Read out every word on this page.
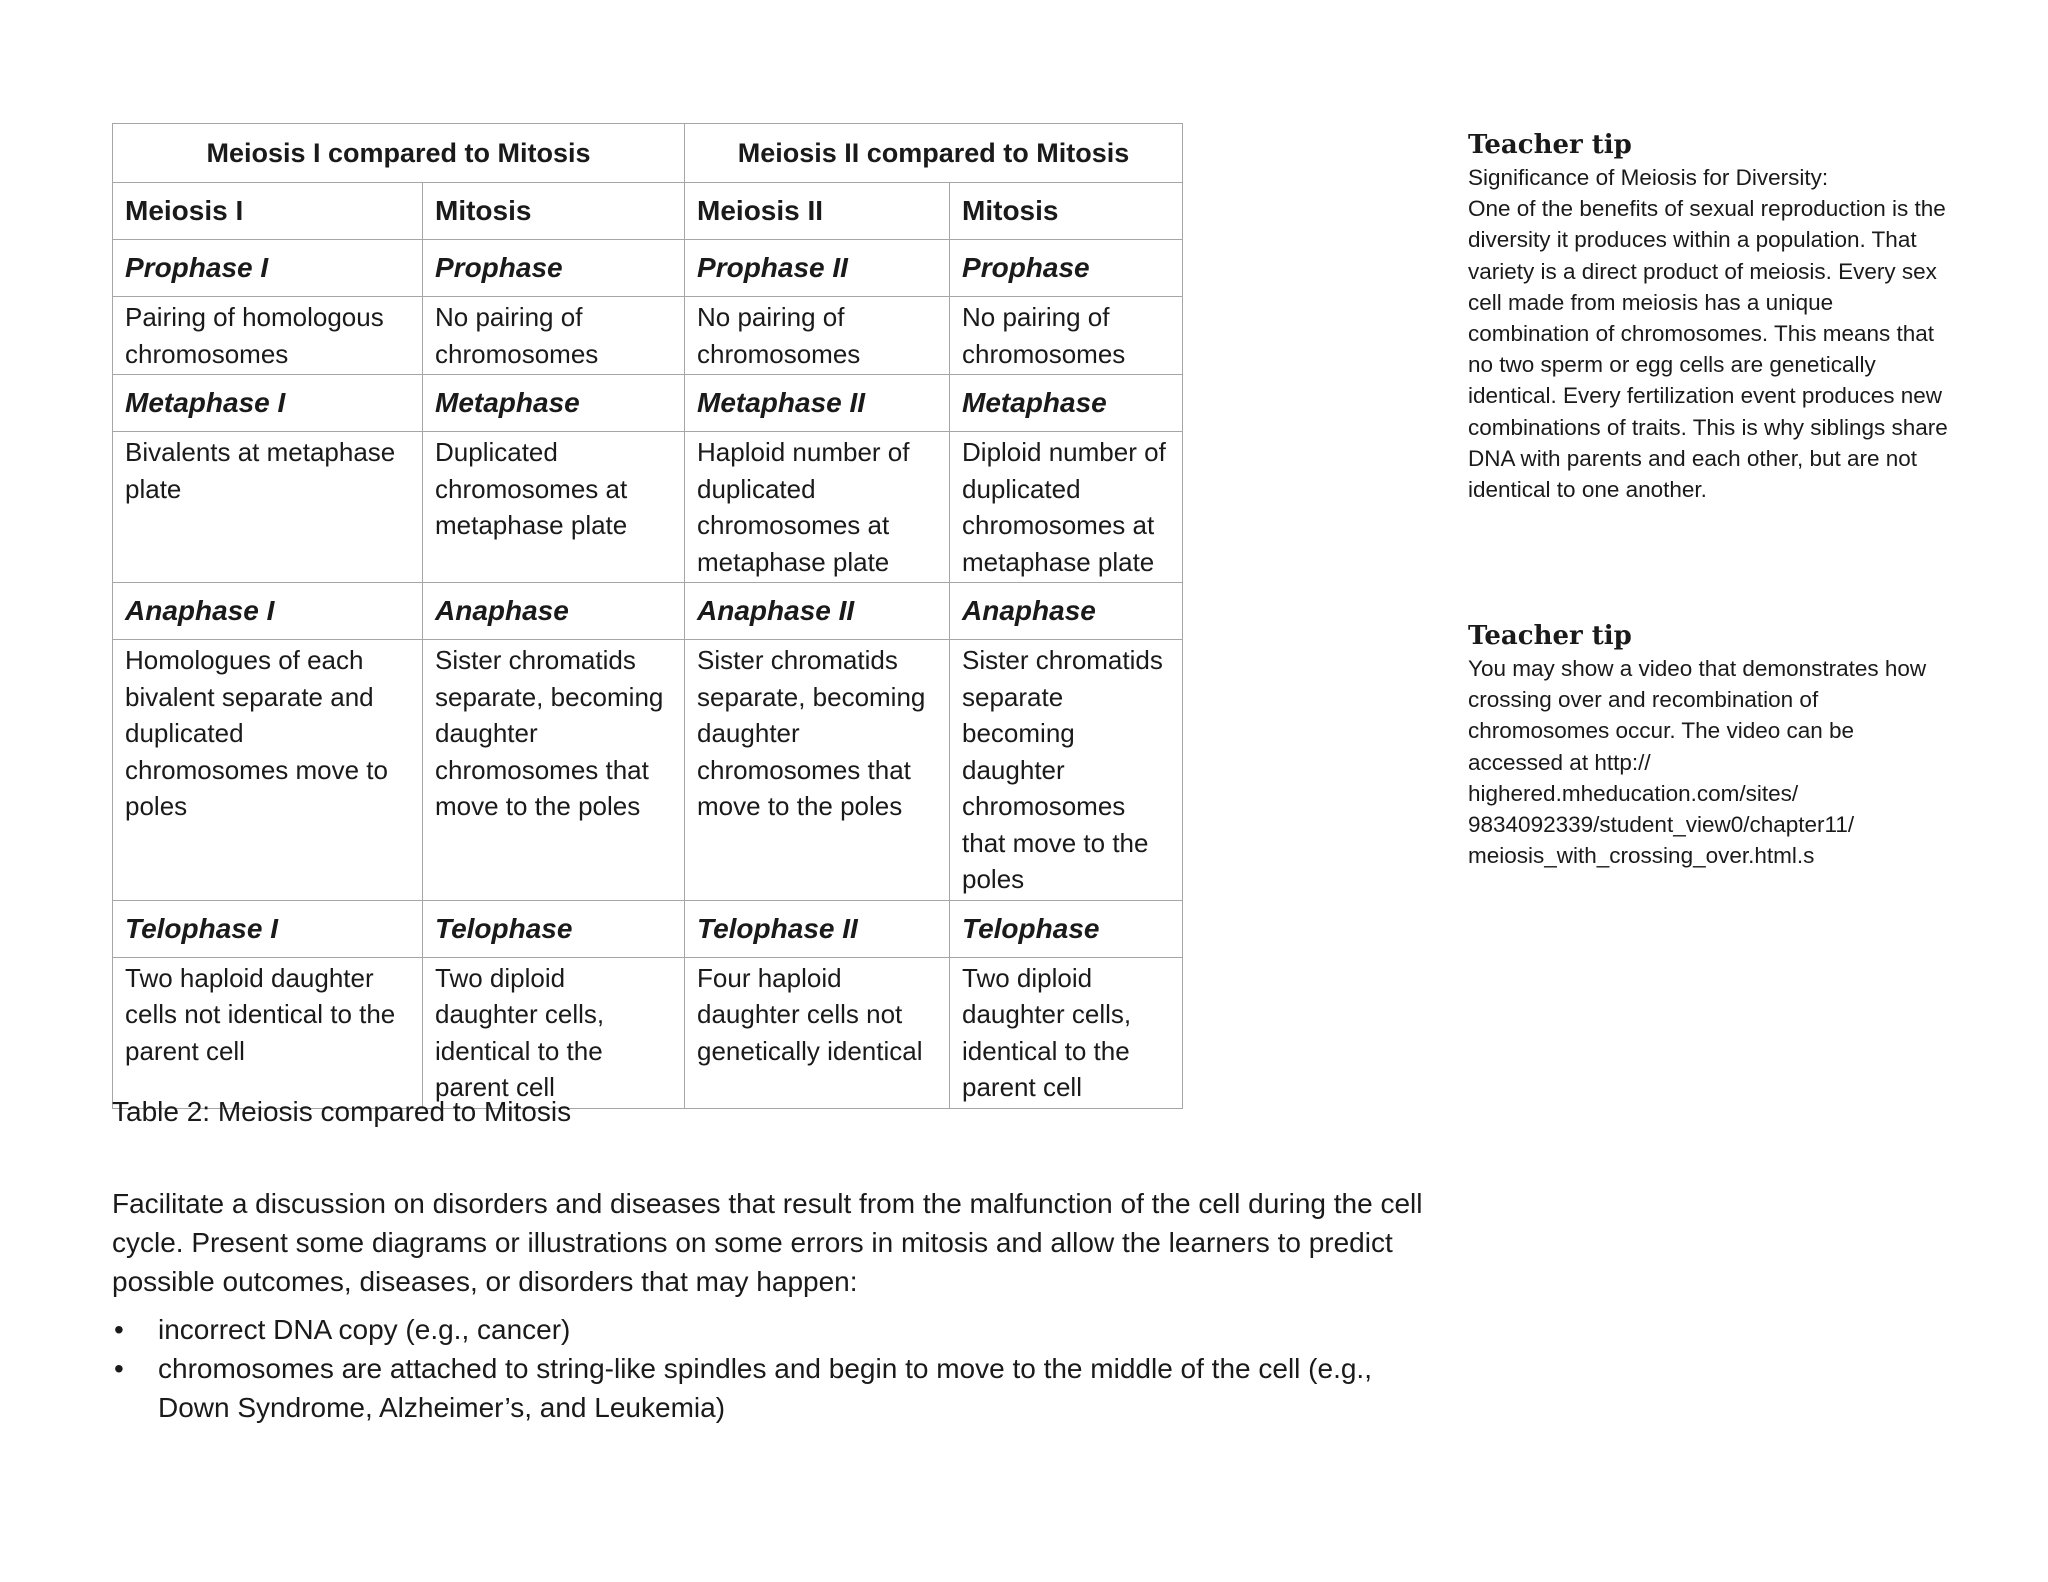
Meiosis I compared to Mitosis		Meiosis II compared to Mitosis	
Meiosis I	Mitosis	Meiosis II	Mitosis
Prophase I	Prophase	Prophase II	Prophase
Pairing of homologous chromosomes	No pairing of chromosomes	No pairing of chromosomes	No pairing of chromosomes
Metaphase I	Metaphase	Metaphase II	Metaphase
Bivalents at metaphase plate	Duplicated chromosomes at metaphase plate	Haploid number of duplicated chromosomes at metaphase plate	Diploid number of duplicated chromosomes at metaphase plate
Anaphase I	Anaphase	Anaphase II	Anaphase
Homologues of each bivalent separate and duplicated chromosomes move to poles	Sister chromatids separate, becoming daughter chromosomes that move to the poles	Sister chromatids separate, becoming daughter chromosomes that move to the poles	Sister chromatids separate becoming daughter chromosomes that move to the poles
Telophase I	Telophase	Telophase II	Telophase
Two haploid daughter cells not identical to the parent cell	Two diploid daughter cells, identical to the parent cell	Four haploid daughter cells not genetically identical	Two diploid daughter cells, identical to the parent cell
Table 2: Meiosis compared to Mitosis

Facilitate a discussion on disorders and diseases that result from the malfunction of the cell during the cell cycle. Present some diagrams or illustrations on some errors in mitosis and allow the learners to predict possible outcomes, diseases, or disorders that may happen:

• incorrect DNA copy (e.g., cancer)
• chromosomes are attached to string-like spindles and begin to move to the middle of the cell (e.g., Down Syndrome, Alzheimer’s, and Leukemia)
Teacher tip
Significance of Meiosis for Diversity:
One of the benefits of sexual reproduction is the diversity it produces within a population. That variety is a direct product of meiosis. Every sex cell made from meiosis has a unique combination of chromosomes. This means that no two sperm or egg cells are genetically identical. Every fertilization event produces new combinations of traits. This is why siblings share DNA with parents and each other, but are not identical to one another.
Teacher tip
You may show a video that demonstrates how crossing over and recombination of chromosomes occur. The video can be accessed at http://
highered.mheducation.com/sites/
9834092339/student_view0/chapter11/
meiosis_with_crossing_over.html.s
